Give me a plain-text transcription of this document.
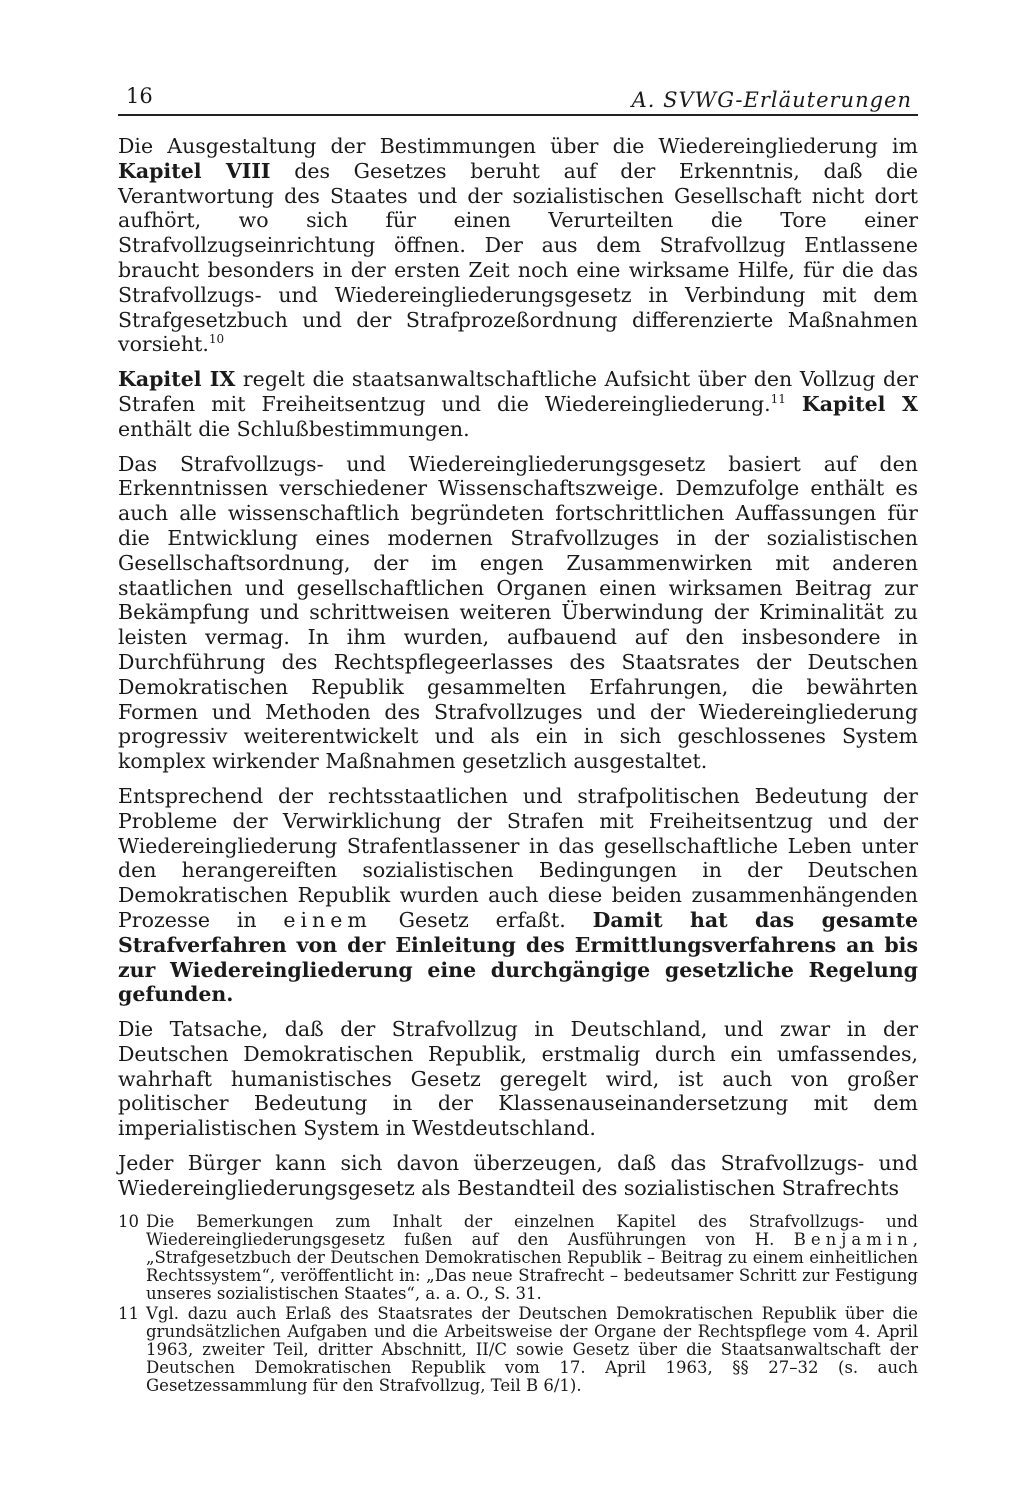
16	A. SVWG-Erläuterungen

Die Ausgestaltung der Bestimmungen über die Wiedereingliederung im Kapitel VIII des Gesetzes beruht auf der Erkenntnis, daß die Verantwortung des Staates und der sozialistischen Gesellschaft nicht dort aufhört, wo sich für einen Verurteilten die Tore einer Strafvollzugseinrichtung öffnen. Der aus dem Strafvollzug Entlassene braucht besonders in der ersten Zeit noch eine wirksame Hilfe, für die das Strafvollzugs- und Wiedereingliederungsgesetz in Verbindung mit dem Strafgesetzbuch und der Strafprozeßordnung differenzierte Maßnahmen vorsieht.$^{10}$

Kapitel IX regelt die staatsanwaltschaftliche Aufsicht über den Vollzug der Strafen mit Freiheitsentzug und die Wiedereingliederung.$^{11}$ Kapitel X enthält die Schlußbestimmungen.

Das Strafvollzugs- und Wiedereingliederungsgesetz basiert auf den Erkenntnissen verschiedener Wissenschaftszweige. Demzufolge enthält es auch alle wissenschaftlich begründeten fortschrittlichen Auffassungen für die Entwicklung eines modernen Strafvollzuges in der sozialistischen Gesellschaftsordnung, der im engen Zusammenwirken mit anderen staatlichen und gesellschaftlichen Organen einen wirksamen Beitrag zur Bekämpfung und schrittweisen weiteren Überwindung der Kriminalität zu leisten vermag. In ihm wurden, aufbauend auf den insbesondere in Durchführung des Rechtspflegeerlasses des Staatsrates der Deutschen Demokratischen Republik gesammelten Erfahrungen, die bewährten Formen und Methoden des Strafvollzuges und der Wiedereingliederung progressiv weiterentwickelt und als ein in sich geschlossenes System komplex wirkender Maßnahmen gesetzlich ausgestaltet.

Entsprechend der rechtsstaatlichen und strafpolitischen Bedeutung der Probleme der Verwirklichung der Strafen mit Freiheitsentzug und der Wiedereingliederung Strafentlassener in das gesellschaftliche Leben unter den herangereiften sozialistischen Bedingungen in der Deutschen Demokratischen Republik wurden auch diese beiden zusammenhängenden Prozesse in einem Gesetz erfaßt. Damit hat das gesamte Strafverfahren von der Einleitung des Ermittlungsverfahrens an bis zur Wiedereingliederung eine durchgängige gesetzliche Regelung gefunden.

Die Tatsache, daß der Strafvollzug in Deutschland, und zwar in der Deutschen Demokratischen Republik, erstmalig durch ein umfassendes, wahrhaft humanistisches Gesetz geregelt wird, ist auch von großer politischer Bedeutung in der Klassenauseinandersetzung mit dem imperialistischen System in Westdeutschland.

Jeder Bürger kann sich davon überzeugen, daß das Strafvollzugs- und Wiedereingliederungsgesetz als Bestandteil des sozialistischen Strafrechts

10 Die Bemerkungen zum Inhalt der einzelnen Kapitel des Strafvollzugs- und Wiedereingliederungsgesetz fußen auf den Ausführungen von H. Benjamin, „Strafgesetzbuch der Deutschen Demokratischen Republik – Beitrag zu einem einheitlichen Rechtssystem“, veröffentlicht in: „Das neue Strafrecht – bedeutsamer Schritt zur Festigung unseres sozialistischen Staates“, a. a. O., S. 31.
11 Vgl. dazu auch Erlaß des Staatsrates der Deutschen Demokratischen Republik über die grundsätzlichen Aufgaben und die Arbeitsweise der Organe der Rechtspflege vom 4. April 1963, zweiter Teil, dritter Abschnitt, II/C sowie Gesetz über die Staatsanwaltschaft der Deutschen Demokratischen Republik vom 17. April 1963, §§ 27–32 (s. auch Gesetzessammlung für den Strafvollzug, Teil B 6/1).
